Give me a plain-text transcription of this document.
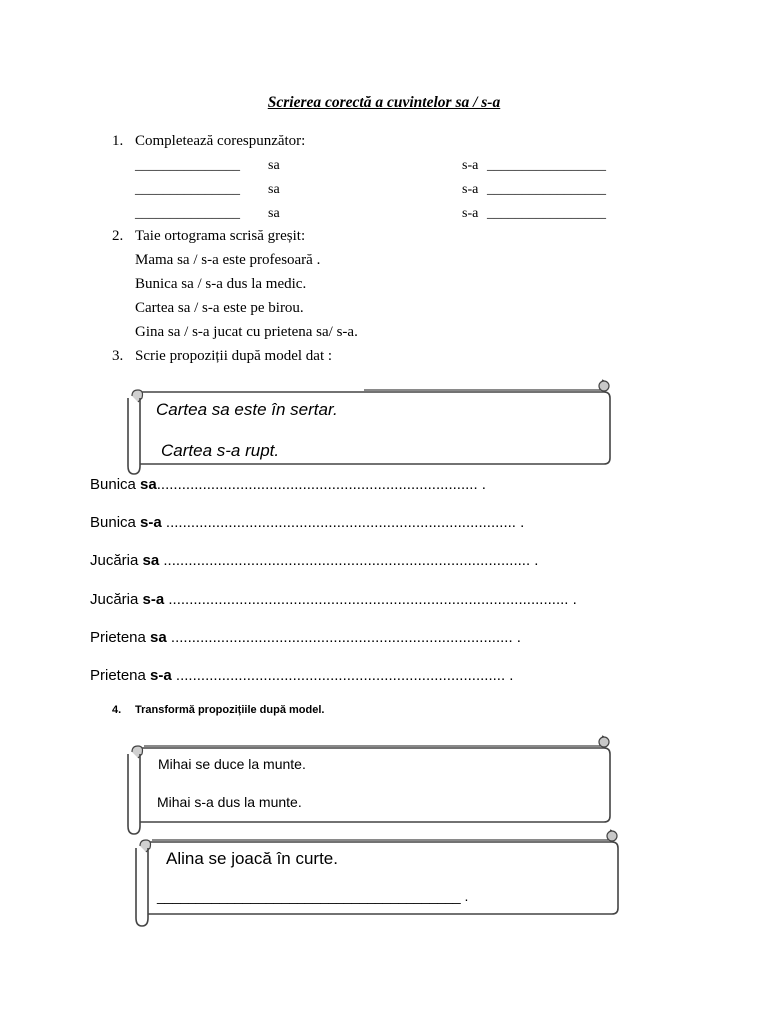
Scrierea corectă a cuvintelor sa / s-a
1. Completează corespunzător:
_______________ sa	s-a _________________
_______________ sa	s-a _________________
_______________ sa	s-a _________________
2. Taie ortograma scrisă greșit:
Mama sa / s-a este profesoară .
Bunica sa / s-a dus la medic.
Cartea sa / s-a este pe birou.
Gina sa / s-a jucat cu prietena sa/ s-a.
3. Scrie propoziții după model dat :
Cartea sa este în sertar.
Cartea s-a rupt.
Bunica sa............................................................................. .
Bunica s-a .................................................................................... .
Jucăria sa ........................................................................................ .
Jucăria s-a ................................................................................................ .
Prietena sa .................................................................................. .
Prietena s-a ............................................................................... .
4. Transformă propozițiile după model.
Mihai se duce la munte.
Mihai s-a dus la munte.
Alina se joacă în curte.
_______________________________________ .
